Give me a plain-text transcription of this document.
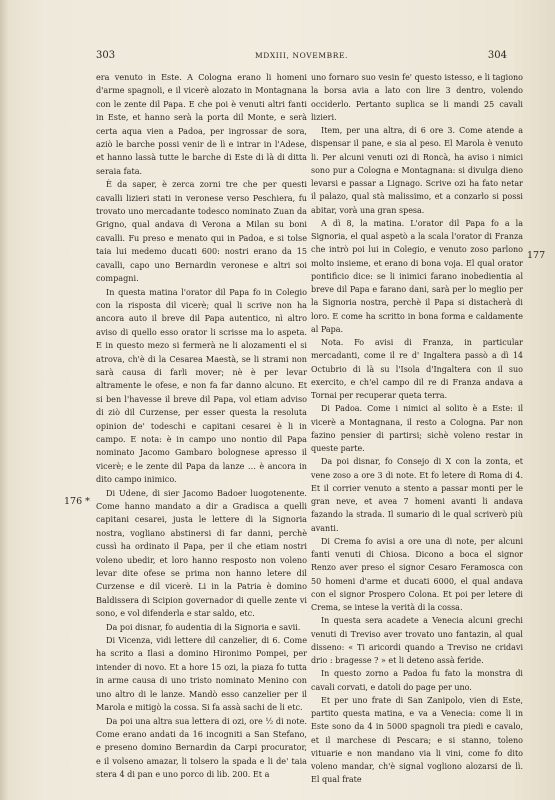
303	MDXIII, NOVEMBRE.	304
176 *
177

era venuto in Este. A Cologna erano li homeni d'arme spagnoli, e il vicerè alozato in Montagnana con le zente dil Papa. E che poi è venuti altri fanti in Este, et hanno serà la porta dil Monte, e serà certa aqua vien a Padoa, per ingrossar de sora, aziò le barche possi venir de lì e intrar in l'Adese, et hanno lassà tutte le barche di Este di là di ditta seraia fata.

È da saper, è zerca zorni tre che per questi cavalli lizieri stati in veronese verso Peschiera, fu trovato uno mercadante todesco nominato Zuan da Grigno, qual andava di Verona a Milan su boni cavalli. Fu preso e menato qui in Padoa, e si tolse taia lui medemo ducati 600: nostri erano da 15 cavalli, capo uno Bernardin veronese e altri soi compagni.

In questa matina l'orator dil Papa fo in Colegio con la risposta dil vicerè; qual li scrive non ha ancora auto il breve dil Papa autentico, nì altro aviso di quello esso orator li scrisse ma lo aspeta. E in questo mezo si fermerà ne li alozamenti el si atrova, ch'è di la Cesarea Maestà, se li strami non sarà causa di farli mover; nè è per levar altramente le ofese, e non fa far danno alcuno. Et si ben l'havesse il breve dil Papa, vol etiam adviso di ziò dil Curzense, per esser questa la resoluta opinion de' todeschi e capitani cesarei è li in campo. E nota: è in campo uno nontio dil Papa nominato Jacomo Gambaro bolognese apresso il vicerè; e le zente dil Papa da lanze … è ancora in dito campo inimico.

Di Udene, di sier Jacomo Badoer luogotenente. Come hanno mandato a dir a Gradisca a quelli capitani cesarei, justa le lettere di la Signoria nostra, vogliano abstinersi di far danni, perchè cussì ha ordinato il Papa, per il che etiam nostri voleno ubedir, et loro hanno resposto non voleno levar dite ofese se prima non hanno letere dil Curzense e dil vicerè. Li in la Patria è domino Baldissera di Scipion governador di quelle zente vi sono, e vol difenderla e star saldo, etc.

Da poi disnar, fo audentia di la Signoria e savii.

Di Vicenza, vidi lettere dil canzelier, di 6. Come ha scrito a Ilasi a domino Hironimo Pompei, per intender di novo. Et a hore 15 ozi, la piaza fo tutta in arme causa di uno tristo nominato Menino con uno altro di le lanze. Mandò esso canzelier per il Marola e mitigò la cossa. Si fa assà sachi de li etc.

Da poi una altra sua lettera di ozi, ore ½ di note. Come erano andati da 16 incogniti a San Stefano, e preseno domino Bernardin da Carpi procurator, e il volseno amazar, li tolsero la spada e li de' taia stera 4 di pan e uno porco di lib. 200. Et a

uno fornaro suo vesin fe' questo istesso, e li tagiono la borsa avia a lato con lire 3 dentro, volendo occiderlo. Pertanto suplica se li mandi 25 cavali lizieri.

Item, per una altra, di 6 ore 3. Come atende a dispensar il pane, e sia al peso. El Marola è venuto li. Per alcuni venuti ozi di Roncà, ha aviso i nimici sono pur a Cologna e Montagnana: si divulga dieno levarsi e passar a Lignago. Scrive ozi ha fato netar il palazo, qual stà malissimo, et a conzarlo si possi abitar, vorà una gran spesa.

A dì 8, la matina. L'orator dil Papa fo a la Signoria, el qual aspetò a la scala l'orator di Franza che intrò poi lui in Colegio, e venuto zoso parlono molto insieme, et erano di bona voja. El qual orator pontificio dice: se li inimici farano inobedientia al breve dil Papa e farano dani, sarà per lo meglio per la Signoria nostra, perchè il Papa si distacherà di loro. E come ha scritto in bona forma e caldamente al Papa.

Nota. Fo avisi di Franza, in particular mercadanti, come il re d' Ingaltera passò a dì 14 Octubrio di là su l'Isola d'Ingaltera con il suo exercito, e ch'el campo dil re di Franza andava a Tornai per recuperar queta terra.

Di Padoa. Come i nimici al solito è a Este: il vicerè a Montagnana, il resto a Cologna. Par non fazino pensier di partirsi; sichè voleno restar in queste parte.

Da poi disnar, fo Consejo di X con la zonta, et vene zoso a ore 3 di note. Et fo letere di Roma di 4. Et il corrier venuto a stento a passar monti per le gran neve, et avea 7 homeni avanti li andava fazando la strada. Il sumario di le qual scriverò più avanti.

Di Crema fo avisi a ore una di note, per alcuni fanti venuti di Chiosa. Dicono a boca el signor Renzo aver preso el signor Cesaro Feramosca con 50 homeni d'arme et ducati 6000, el qual andava con el signor Prospero Colona. Et poi per letere di Crema, se intese la verità di la cossa.

In questa sera acadete a Venecia alcuni grechi venuti di Treviso aver trovato uno fantazin, al qual disseno: « Ti aricordi quando a Treviso ne cridavi drio : bragesse ? » et li deteno assà feride.

In questo zorno a Padoa fu fato la monstra di cavali corvati, e datoli do page per uno.

Et per uno frate di San Zanipolo, vien di Este, partito questa matina, e va a Venecia: come li in Este sono da 4 in 5000 spagnoli tra piedi e cavalo, et il marchese di Pescara; e si stanno, toleno vituarie e non mandano via li vini, come fo dito voleno mandar, ch'è signal vogliono alozarsi de lì. El qual frate
